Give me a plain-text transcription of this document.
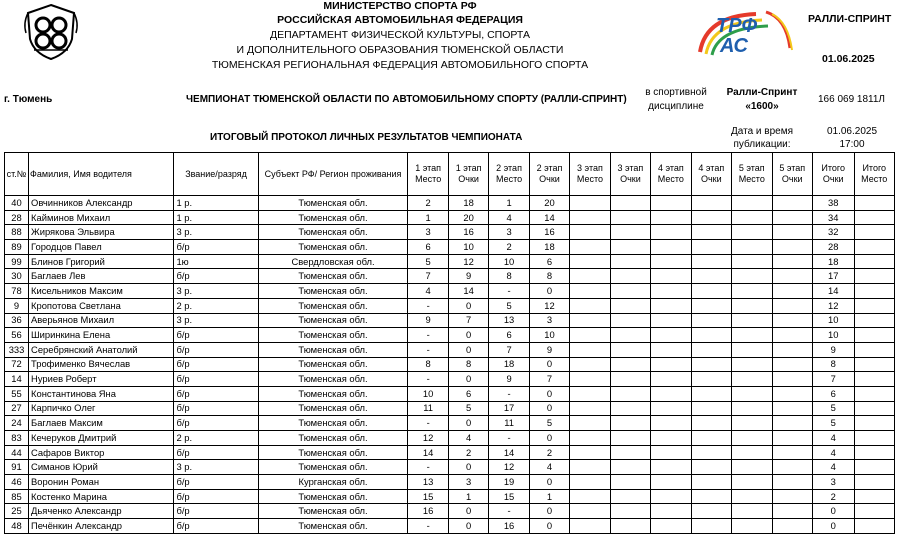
МИНИСТЕРСТВО СПОРТА РФ
РОССИЙСКАЯ АВТОМОБИЛЬНАЯ ФЕДЕРАЦИЯ
ДЕПАРТАМЕНТ ФИЗИЧЕСКОЙ КУЛЬТУРЫ, СПОРТА
И ДОПОЛНИТЕЛЬНОГО ОБРАЗОВАНИЯ ТЮМЕНСКОЙ ОБЛАСТИ
ТЮМЕНСКАЯ РЕГИОНАЛЬНАЯ ФЕДЕРАЦИЯ АВТОМОБИЛЬНОГО СПОРТА
ТРФ
АС
РАЛЛИ-СПРИНТ
01.06.2025
г. Тюмень	ЧЕМПИОНАТ ТЮМЕНСКОЙ ОБЛАСТИ ПО АВТОМОБИЛЬНОМУ СПОРТУ (РАЛЛИ-СПРИНТ)
в спортивной
дисциплине
Ралли-Спринт
«1600»
166 069 1811Л
ИТОГОВЫЙ ПРОТОКОЛ ЛИЧНЫХ РЕЗУЛЬТАТОВ ЧЕМПИОНАТА
Дата и время
публикации:
01.06.2025
17:00
ст.№	Фамилия, Имя водителя	Звание/разряд	Субъект РФ/ Регион проживания	1 этап Место	1 этап Очки	2 этап Место	2 этап Очки	3 этап Место	3 этап Очки	4 этап Место	4 этап Очки	5 этап Место	5 этап Очки	Итого Очки	Итого Место
40	Овчинников Александр	1 р.	Тюменская обл.	2	18	1	20							38	
28	Кайминов Михаил	1 р.	Тюменская обл.	1	20	4	14							34	
88	Жирякова Эльвира	3 р.	Тюменская обл.	3	16	3	16							32	
89	Городцов Павел	б/р	Тюменская обл.	6	10	2	18							28	
99	Блинов Григорий	1ю	Свердловская обл.	5	12	10	6							18	
30	Баглаев Лев	б/р	Тюменская обл.	7	9	8	8							17	
78	Кисельников Максим	3 р.	Тюменская обл.	4	14	-	0							14	
9	Кропотова Светлана	2 р.	Тюменская обл.	-	0	5	12							12	
36	Аверьянов Михаил	3 р.	Тюменская обл.	9	7	13	3							10	
56	Ширинкина Елена	б/р	Тюменская обл.	-	0	6	10							10	
333	Серебрянский Анатолий	б/р	Тюменская обл.	-	0	7	9							9	
72	Трофименко Вячеслав	б/р	Тюменская обл.	8	8	18	0							8	
14	Нуриев Роберт	б/р	Тюменская обл.	-	0	9	7							7	
55	Константинова Яна	б/р	Тюменская обл.	10	6	-	0							6	
27	Карпичко Олег	б/р	Тюменская обл.	11	5	17	0							5	
24	Баглаев Максим	б/р	Тюменская обл.	-	0	11	5							5	
83	Кечеруков Дмитрий	2 р.	Тюменская обл.	12	4	-	0							4	
44	Сафаров Виктор	б/р	Тюменская обл.	14	2	14	2							4	
91	Симанов Юрий	3 р.	Тюменская обл.	-	0	12	4							4	
46	Воронин Роман	б/р	Курганская обл.	13	3	19	0							3	
85	Костенко Марина	б/р	Тюменская обл.	15	1	15	1							2	
25	Дьяченко Александр	б/р	Тюменская обл.	16	0	-	0							0	
48	Печёнкин Александр	б/р	Тюменская обл.	-	0	16	0							0	
